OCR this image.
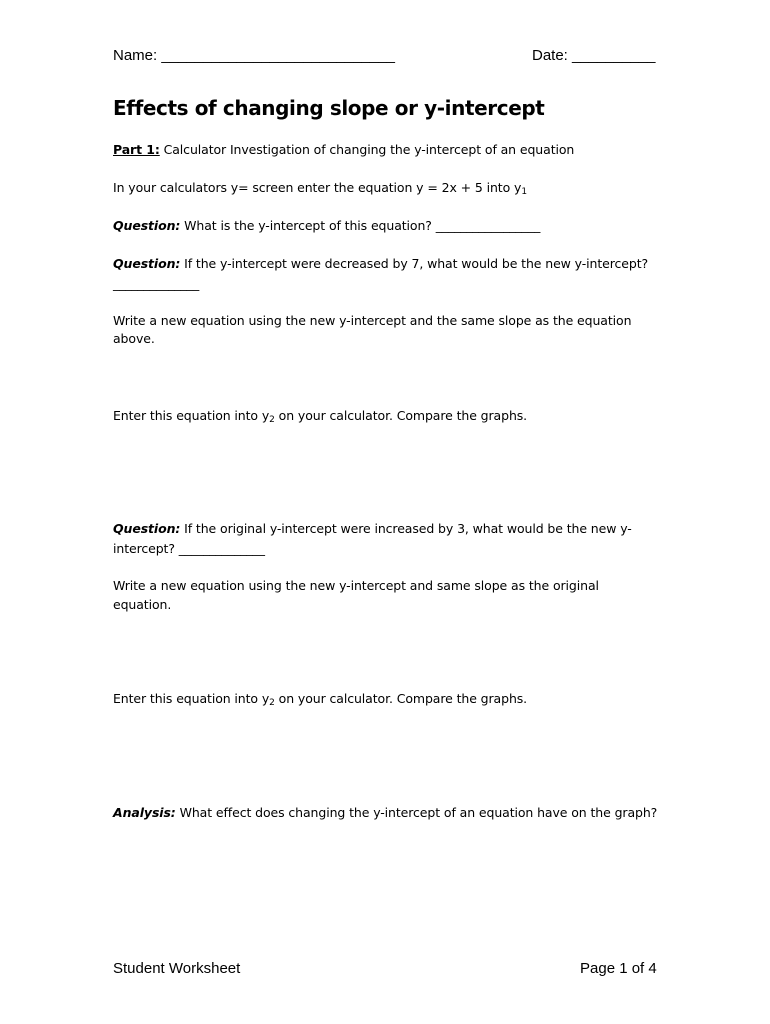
Name: ____________________________	Date: __________
Effects of changing slope or y-intercept
Part 1: Calculator Investigation of changing the y-intercept of an equation
In your calculators y= screen enter the equation y = 2x + 5 into $y_1$
Question: What is the y-intercept of this equation? _________________
Question: If the y-intercept were decreased by 7, what would be the new y-intercept?
______________
Write a new equation using the new y-intercept and the same slope as the equation
above.
Enter this equation into $y_2$ on your calculator. Compare the graphs.
Question: If the original y-intercept were increased by 3, what would be the new y-
intercept? ______________
Write a new equation using the new y-intercept and same slope as the original
equation.
Enter this equation into $y_2$ on your calculator. Compare the graphs.
Analysis: What effect does changing the y-intercept of an equation have on the graph?
Student Worksheet	Page 1 of 4
